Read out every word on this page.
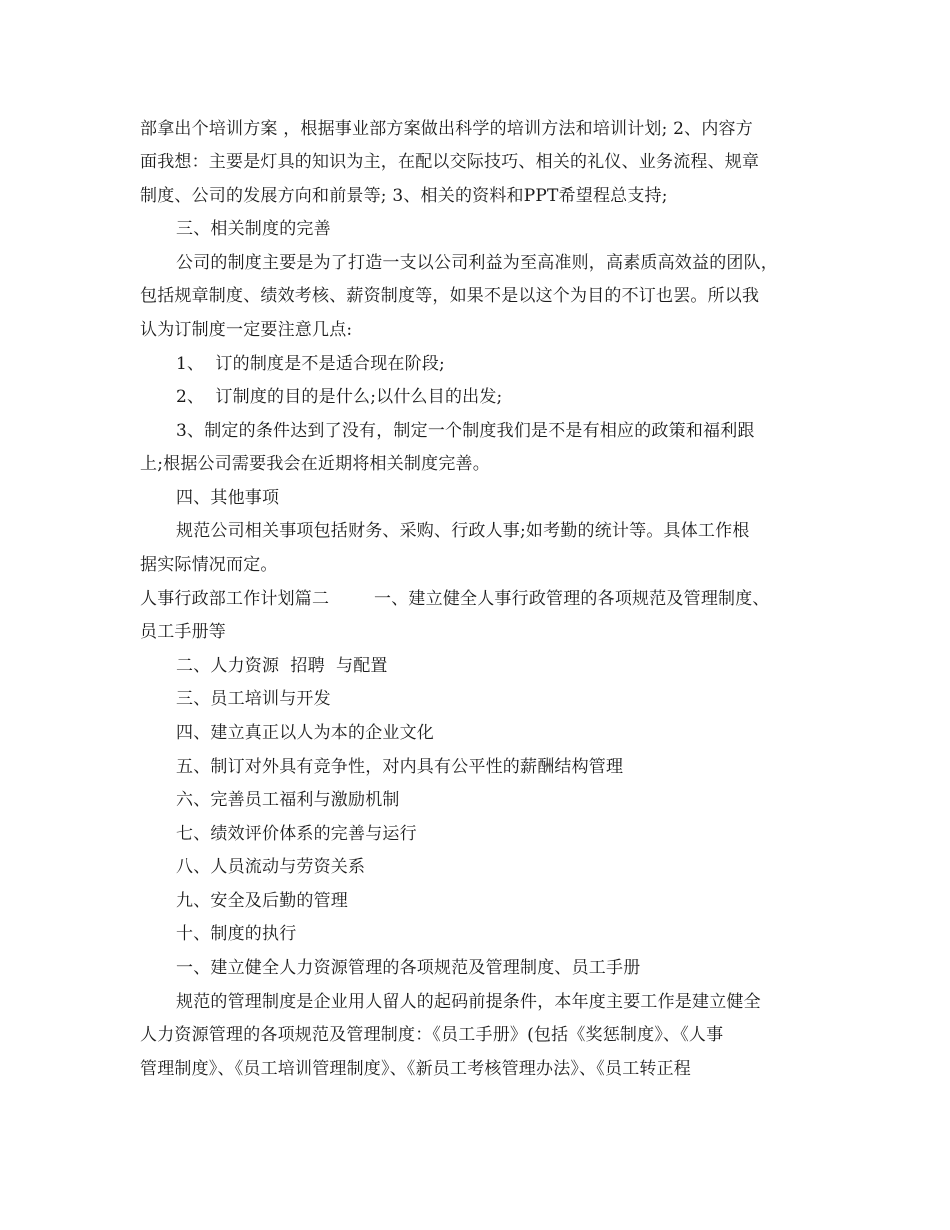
部拿出个培训方案 ，根据事业部方案做出科学的培训方法和培训计划; 2、内容方
面我想：主要是灯具的知识为主，在配以交际技巧、相关的礼仪、业务流程、规章
制度、公司的发展方向和前景等; 3、相关的资料和PPT希望程总支持;
三、相关制度的完善
公司的制度主要是为了打造一支以公司利益为至高准则，高素质高效益的团队，
包括规章制度、绩效考核、薪资制度等，如果不是以这个为目的不订也罢。所以我
认为订制度一定要注意几点:
1、  订的制度是不是适合现在阶段;
2、  订制度的目的是什么;以什么目的出发;
3、制定的条件达到了没有，制定一个制度我们是不是有相应的政策和福利跟
上;根据公司需要我会在近期将相关制度完善。
四、其他事项
规范公司相关事项包括财务、采购、行政人事;如考勤的统计等。具体工作根
据实际情况而定。
人事行政部工作计划篇二        一、建立健全人事行政管理的各项规范及管理制度、
员工手册等
二、人力资源  招聘  与配置
三、员工培训与开发
四、建立真正以人为本的企业文化
五、制订对外具有竞争性，对内具有公平性的薪酬结构管理
六、完善员工福利与激励机制
七、绩效评价体系的完善与运行
八、人员流动与劳资关系
九、安全及后勤的管理
十、制度的执行
一、建立健全人力资源管理的各项规范及管理制度、员工手册
规范的管理制度是企业用人留人的起码前提条件，本年度主要工作是建立健全
人力资源管理的各项规范及管理制度：《员工手册》(包括《奖惩制度》、《人事
管理制度》、《员工培训管理制度》、《新员工考核管理办法》、《员工转正程
